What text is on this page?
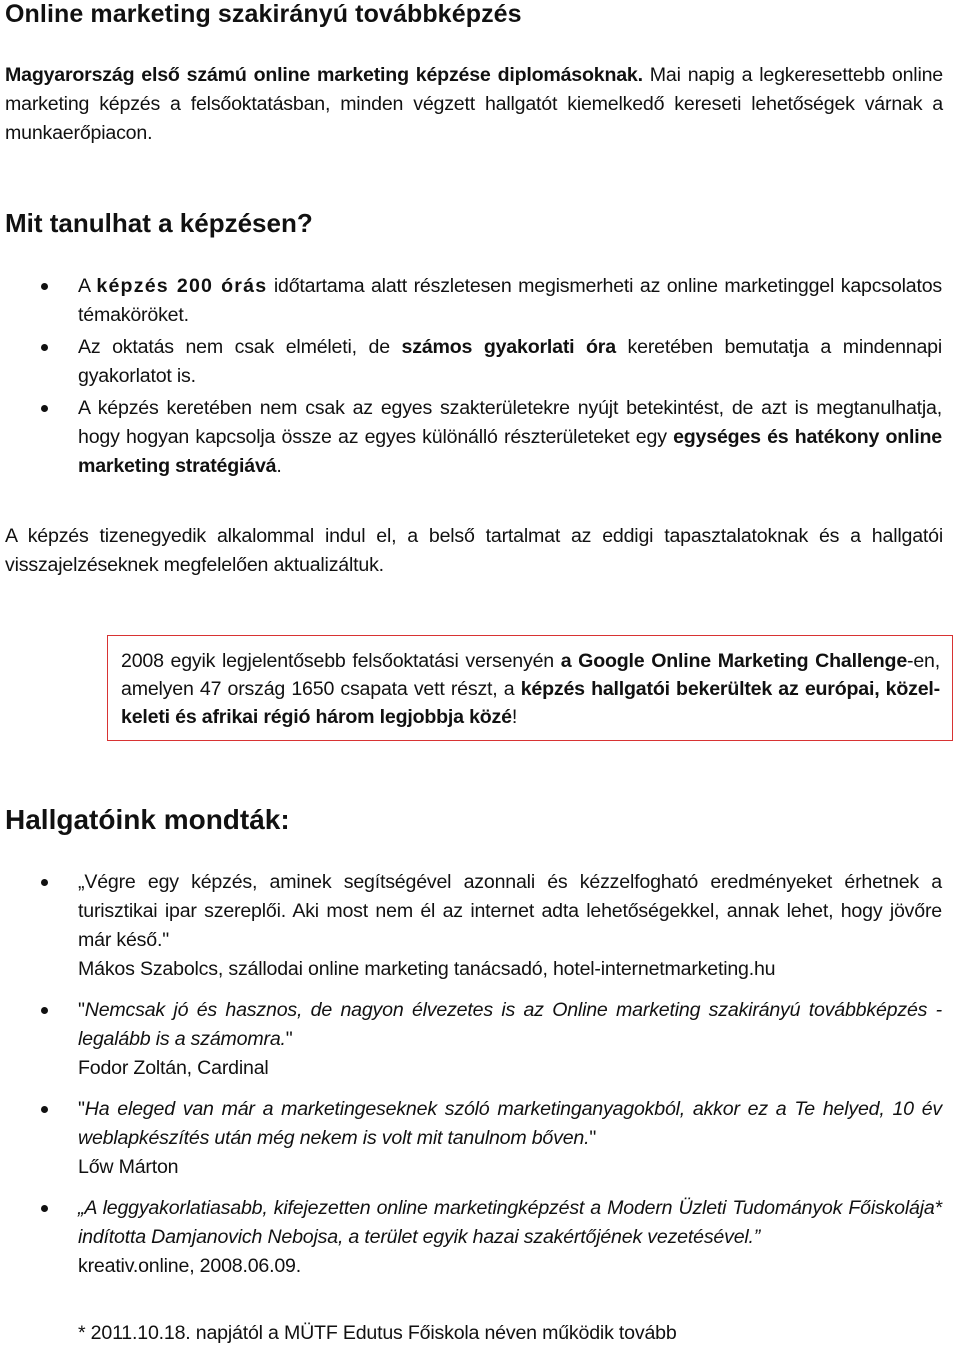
Online marketing szakirányú továbbképzés
Magyarország első számú online marketing képzése diplomásoknak. Mai napig a legkeresettebb online marketing képzés a felsőoktatásban, minden végzett hallgatót kiemelkedő kereseti lehetőségek várnak a munkaerőpiacon.
Mit tanulhat a képzésen?
A képzés 200 órás időtartama alatt részletesen megismerheti az online marketinggel kapcsolatos témaköröket.
Az oktatás nem csak elméleti, de számos gyakorlati óra keretében bemutatja a mindennapi gyakorlatot is.
A képzés keretében nem csak az egyes szakterületekre nyújt betekintést, de azt is megtanulhatja, hogy hogyan kapcsolja össze az egyes különálló részterületeket egy egységes és hatékony online marketing stratégiává.
A képzés tizenegyedik alkalommal indul el, a belső tartalmat az eddigi tapasztalatoknak és a hallgatói visszajelzéseknek megfelelően aktualizáltuk.
2008 egyik legjelentősebb felsőoktatási versenyén a Google Online Marketing Challenge-en, amelyen 47 ország 1650 csapata vett részt, a képzés hallgatói bekerültek az európai, közel-keleti és afrikai régió három legjobbja közé!
Hallgatóink mondták:
„Végre egy képzés, aminek segítségével azonnali és kézzelfogható eredményeket érhetnek a turisztikai ipar szereplői. Aki most nem él az internet adta lehetőségekkel, annak lehet, hogy jövőre már késő."
Mákos Szabolcs, szállodai online marketing tanácsadó, hotel-internetmarketing.hu
"Nemcsak jó és hasznos, de nagyon élvezetes is az Online marketing szakirányú továbbképzés - legalább is a számomra."
Fodor Zoltán, Cardinal
"Ha eleged van már a marketingeseknek szóló marketinganyagokból, akkor ez a Te helyed, 10 év weblapkészítés után még nekem is volt mit tanulnom bőven."
Lőw Márton
„A leggyakorlatiasabb, kifejezetten online marketingképzést a Modern Üzleti Tudományok Főiskolája* indította Damjanovich Nebojsa, a terület egyik hazai szakértőjének vezetésével.”
kreativ.online, 2008.06.09.
* 2011.10.18. napjától a MÜTF Edutus Főiskola néven működik tovább
